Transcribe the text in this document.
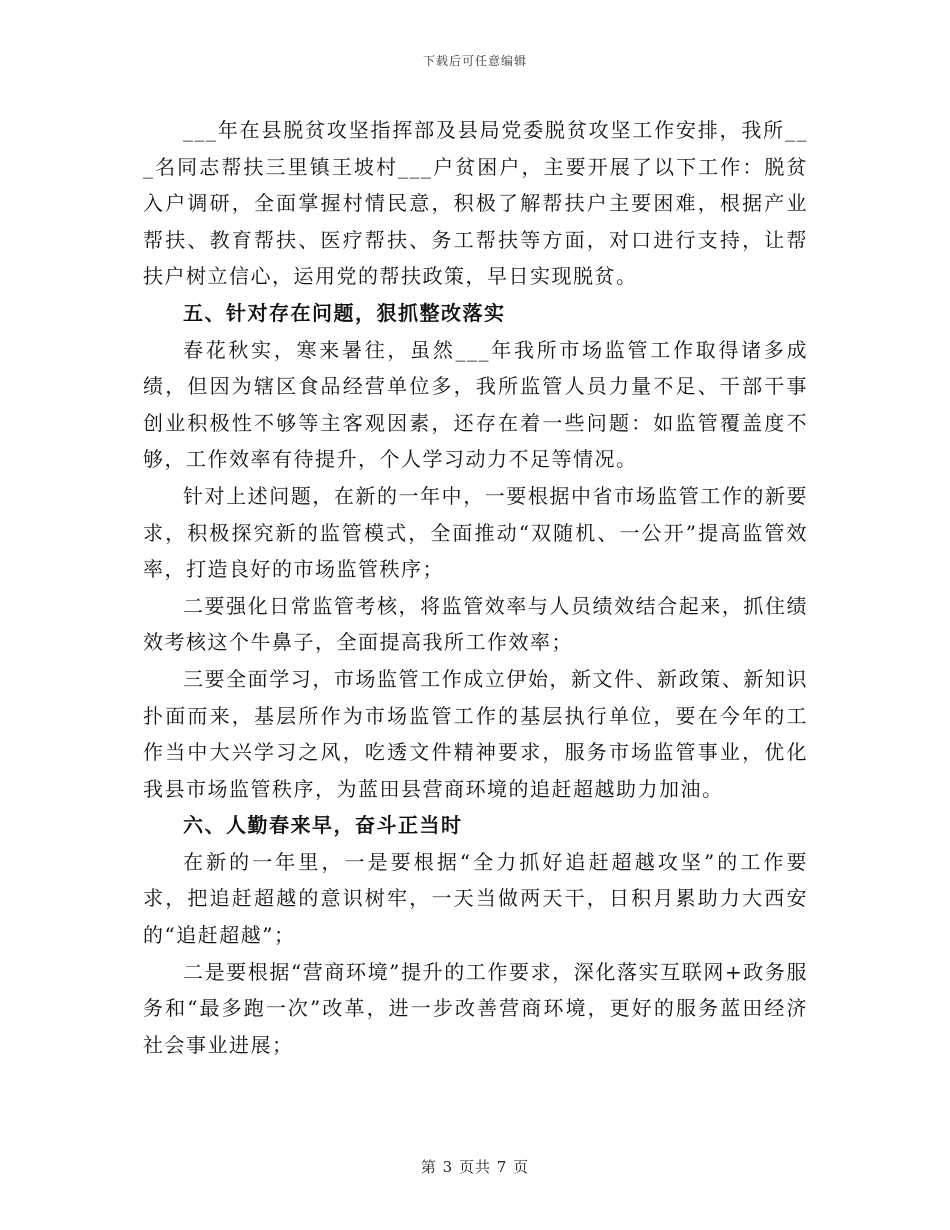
下载后可任意编辑

___年在县脱贫攻坚指挥部及县局党委脱贫攻坚工作安排，我所___名同志帮扶三里镇王坡村___户贫困户，主要开展了以下工作：脱贫入户调研，全面掌握村情民意，积极了解帮扶户主要困难，根据产业帮扶、教育帮扶、医疗帮扶、务工帮扶等方面，对口进行支持，让帮扶户树立信心，运用党的帮扶政策，早日实现脱贫。

五、针对存在问题，狠抓整改落实

春花秋实，寒来暑往，虽然___年我所市场监管工作取得诸多成绩，但因为辖区食品经营单位多，我所监管人员力量不足、干部干事创业积极性不够等主客观因素，还存在着一些问题：如监管覆盖度不够，工作效率有待提升，个人学习动力不足等情况。

针对上述问题，在新的一年中，一要根据中省市场监管工作的新要求，积极探究新的监管模式，全面推动“双随机、一公开”提高监管效率，打造良好的市场监管秩序；

二要强化日常监管考核，将监管效率与人员绩效结合起来，抓住绩效考核这个牛鼻子，全面提高我所工作效率；

三要全面学习，市场监管工作成立伊始，新文件、新政策、新知识扑面而来，基层所作为市场监管工作的基层执行单位，要在今年的工作当中大兴学习之风，吃透文件精神要求，服务市场监管事业，优化我县市场监管秩序，为蓝田县营商环境的追赶超越助力加油。

六、人勤春来早，奋斗正当时

在新的一年里，一是要根据“全力抓好追赶超越攻坚”的工作要求，把追赶超越的意识树牢，一天当做两天干，日积月累助力大西安的“追赶超越”；

二是要根据“营商环境”提升的工作要求，深化落实互联网+政务服务和“最多跑一次”改革，进一步改善营商环境，更好的服务蓝田经济社会事业进展；

第 3 页共 7 页
